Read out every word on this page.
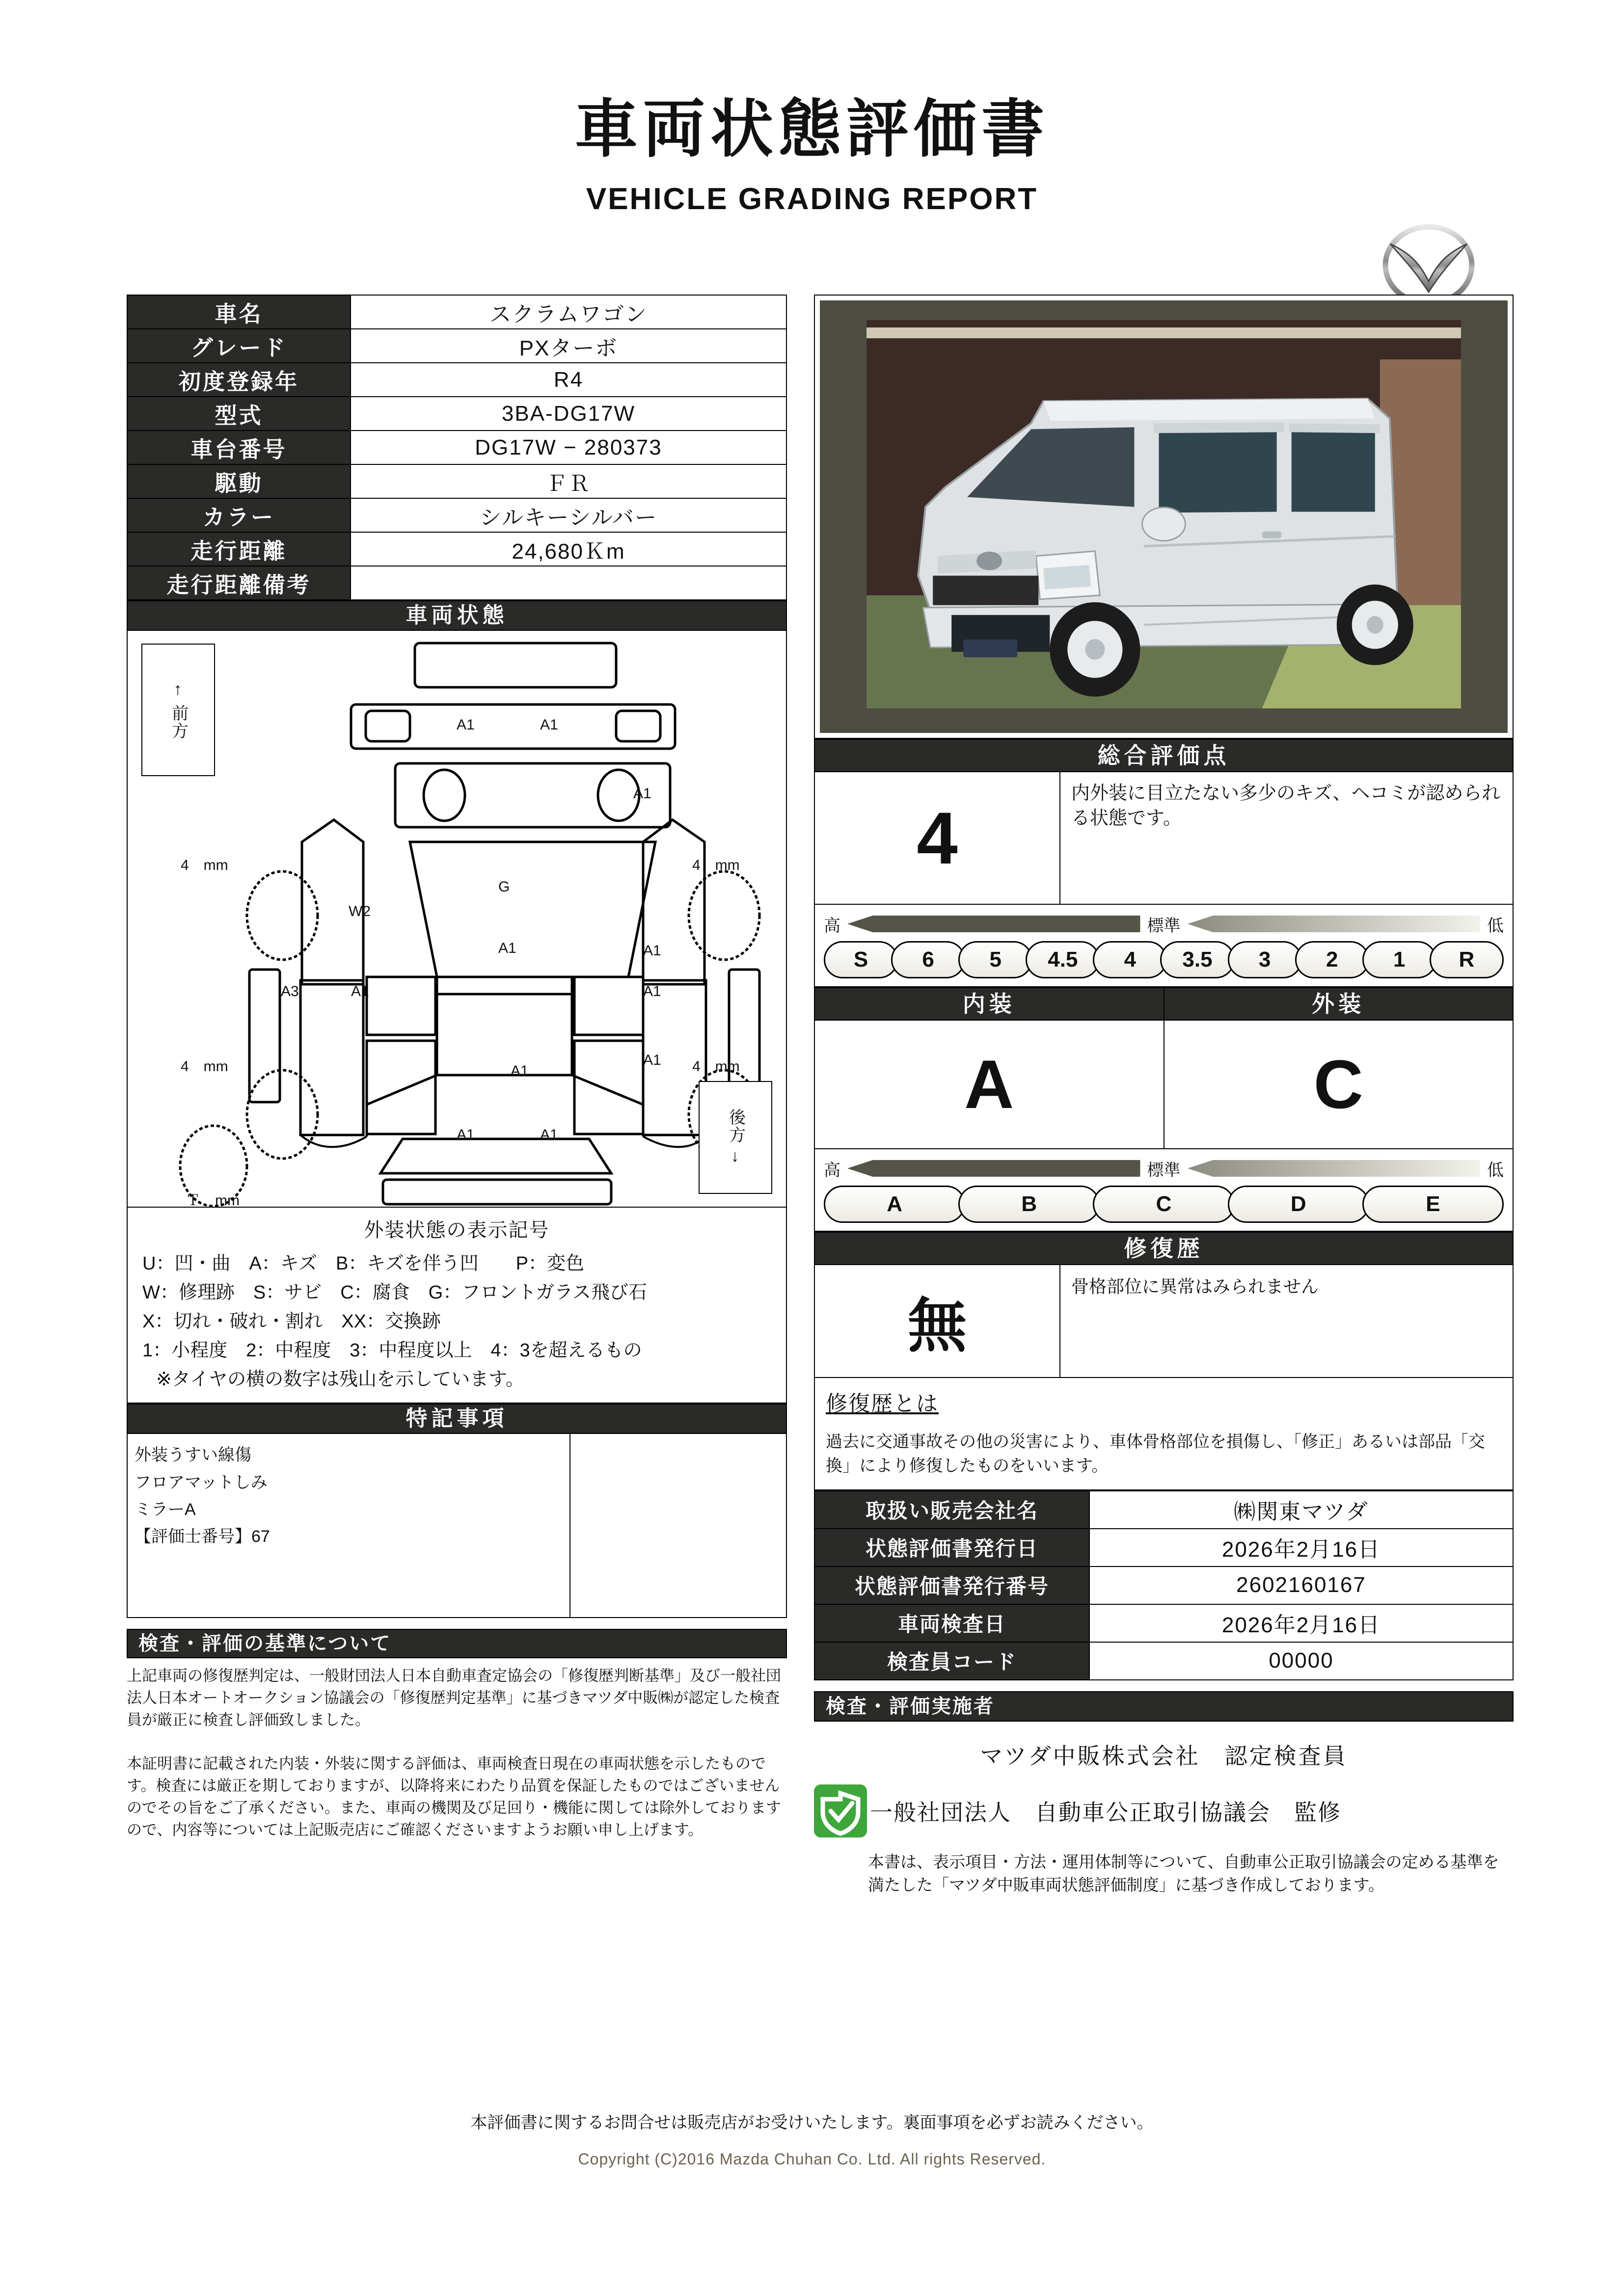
車両状態評価書
VEHICLE GRADING REPORT
車名	スクラムワゴン
グレード	PXターボ
初度登録年	R4
型式	3BA-DG17W
車台番号	DG17W − 280373
駆動	ＦＲ
カラー	シルキーシルバー
走行距離	24,680Ｋm
走行距離備考	
車両状態
↑
前方
後方
↓
4　mm	4　mm
4　mm	4　mm
Ｔ　mm
A1	A1
A1
G
W2
A1	A1
A3	A1	A1
A1
A1
A1	A1
外装状態の表示記号
U：凹・曲　A：キズ　B：キズを伴う凹　　P：変色
W：修理跡　S：サビ　C：腐食　G：フロントガラス飛び石
X：切れ・破れ・割れ　XX：交換跡
1：小程度　2：中程度　3：中程度以上　4：3を超えるもの
※タイヤの横の数字は残山を示しています。
特記事項
外装うすい線傷
フロアマットしみ
ミラーA
【評価士番号】67
検査・評価の基準について
上記車両の修復歴判定は、一般財団法人日本自動車査定協会の「修復歴判断基準」及び一般社団法人日本オートオークション協議会の「修復歴判定基準」に基づきマツダ中販㈱が認定した検査員が厳正に検査し評価致しました。
本証明書に記載された内装・外装に関する評価は、車両検査日現在の車両状態を示したものです。検査には厳正を期しておりますが、以降将来にわたり品質を保証したものではございませんのでその旨をご了承ください。また、車両の機関及び足回り・機能に関しては除外しておりますので、内容等については上記販売店にご確認くださいますようお願い申し上げます。
総合評価点
4
内外装に目立たない多少のキズ、ヘコミが認められる状態です。
高	標準	低
S	6	5	4.5	4	3.5	3	2	1	R
内装	外装
A	C
高	標準	低
A	B	C	D	E
修復歴
無
骨格部位に異常はみられません
修復歴とは
過去に交通事故その他の災害により、車体骨格部位を損傷し、「修正」あるいは部品「交換」により修復したものをいいます。
取扱い販売会社名	㈱関東マツダ
状態評価書発行日	2026年2月16日
状態評価書発行番号	2602160167
車両検査日	2026年2月16日
検査員コード	00000
検査・評価実施者
マツダ中販株式会社　認定検査員
一般社団法人　自動車公正取引協議会　監修
本書は、表示項目・方法・運用体制等について、自動車公正取引協議会の定める基準を満たした「マツダ中販車両状態評価制度」に基づき作成しております。
本評価書に関するお問合せは販売店がお受けいたします。裏面事項を必ずお読みください。
Copyright (C)2016 Mazda Chuhan Co. Ltd. All rights Reserved.
